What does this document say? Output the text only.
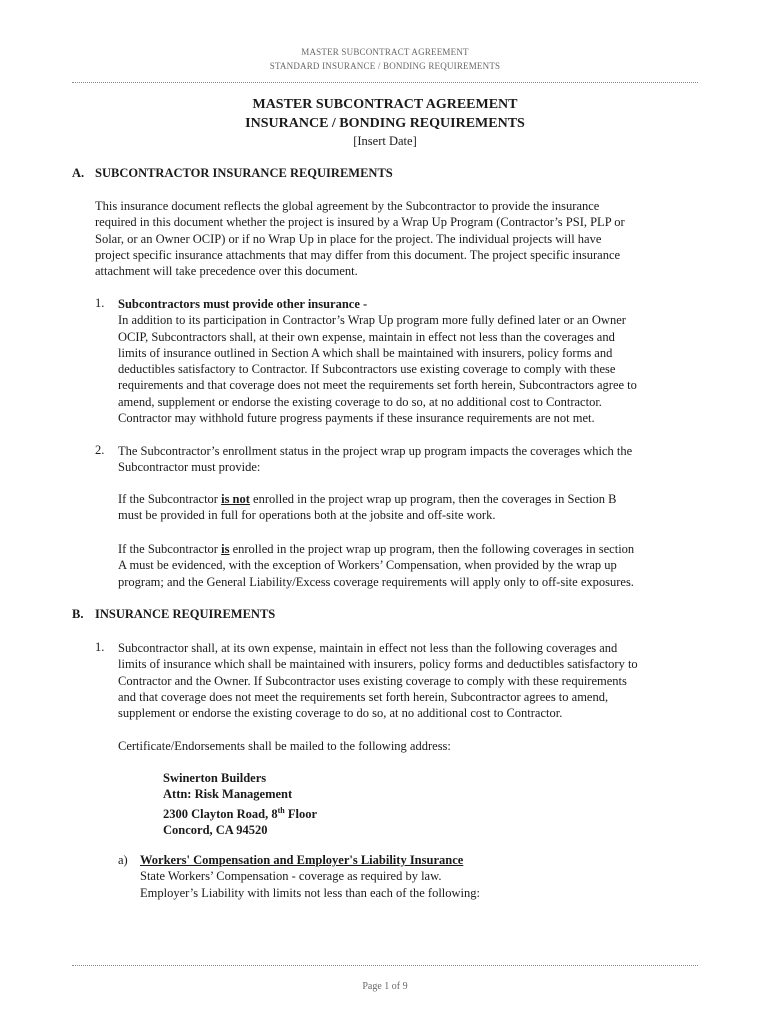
MASTER SUBCONTRACT AGREEMENT
STANDARD INSURANCE / BONDING REQUIREMENTS
MASTER SUBCONTRACT AGREEMENT
INSURANCE / BONDING REQUIREMENTS
[Insert Date]
A. SUBCONTRACTOR INSURANCE REQUIREMENTS
This insurance document reflects the global agreement by the Subcontractor to provide the insurance
required in this document whether the project is insured by a Wrap Up Program (Contractor’s PSI, PLP or
Solar, or an Owner OCIP) or if no Wrap Up in place for the project. The individual projects will have
project specific insurance attachments that may differ from this document. The project specific insurance
attachment will take precedence over this document.
1. Subcontractors must provide other insurance -
In addition to its participation in Contractor’s Wrap Up program more fully defined later or an Owner
OCIP, Subcontractors shall, at their own expense, maintain in effect not less than the coverages and
limits of insurance outlined in Section A which shall be maintained with insurers, policy forms and
deductibles satisfactory to Contractor. If Subcontractors use existing coverage to comply with these
requirements and that coverage does not meet the requirements set forth herein, Subcontractors agree to
amend, supplement or endorse the existing coverage to do so, at no additional cost to Contractor.
Contractor may withhold future progress payments if these insurance requirements are not met.
2. The Subcontractor’s enrollment status in the project wrap up program impacts the coverages which the
Subcontractor must provide:
If the Subcontractor is not enrolled in the project wrap up program, then the coverages in Section B
must be provided in full for operations both at the jobsite and off-site work.
If the Subcontractor is enrolled in the project wrap up program, then the following coverages in section
A must be evidenced, with the exception of Workers’ Compensation, when provided by the wrap up
program; and the General Liability/Excess coverage requirements will apply only to off-site exposures.
B. INSURANCE REQUIREMENTS
1. Subcontractor shall, at its own expense, maintain in effect not less than the following coverages and
limits of insurance which shall be maintained with insurers, policy forms and deductibles satisfactory to
Contractor and the Owner. If Subcontractor uses existing coverage to comply with these requirements
and that coverage does not meet the requirements set forth herein, Subcontractor agrees to amend,
supplement or endorse the existing coverage to do so, at no additional cost to Contractor.
Certificate/Endorsements shall be mailed to the following address:
Swinerton Builders
Attn: Risk Management
2300 Clayton Road, 8th Floor
Concord, CA 94520
a) Workers' Compensation and Employer's Liability Insurance
State Workers’ Compensation - coverage as required by law.
Employer’s Liability with limits not less than each of the following:
Page 1 of 9
